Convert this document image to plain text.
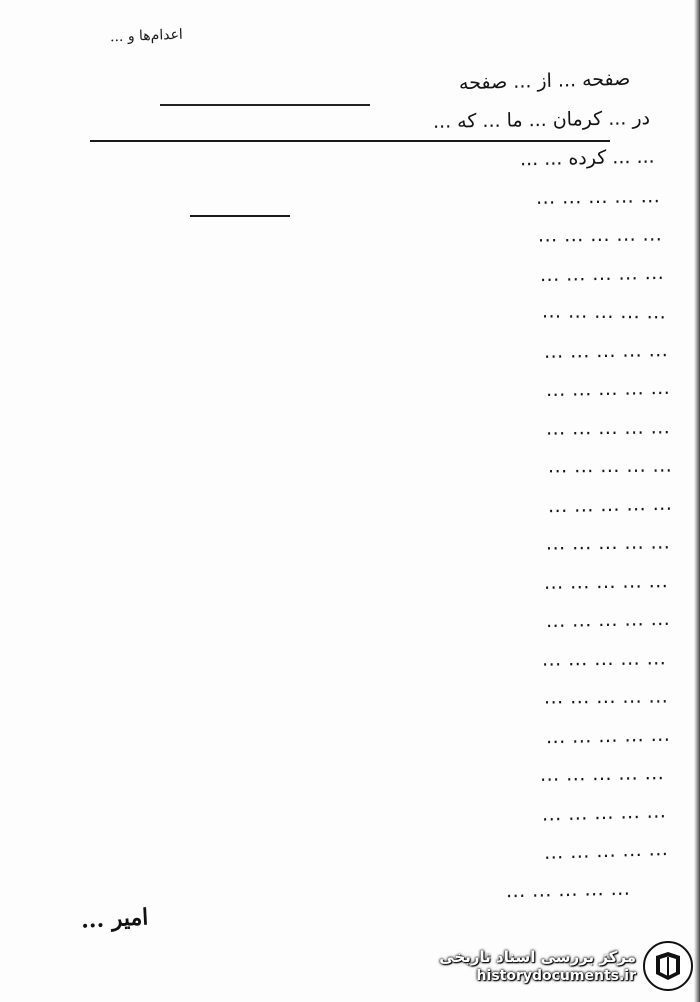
اعدام‌ها و ...
صفحه ... از ... صفحه
در ... کرمان ... ما ... که ...
... ... کرده ... ...
... ... ... ... ...
... ... ... ... ...
... ... ... ... ...
... ... ... ... ...
... ... ... ... ...
... ... ... ... ...
... ... ... ... ...
... ... ... ... ...
... ... ... ... ...
... ... ... ... ...
... ... ... ... ...
... ... ... ... ...
... ... ... ... ...
... ... ... ... ...
... ... ... ... ...
... ... ... ... ...
... ... ... ... ...
... ... ... ... ...
... ... ... ... ...
امیر ...
مرکز بررسی اسناد تاریخی
historydocuments.ir
